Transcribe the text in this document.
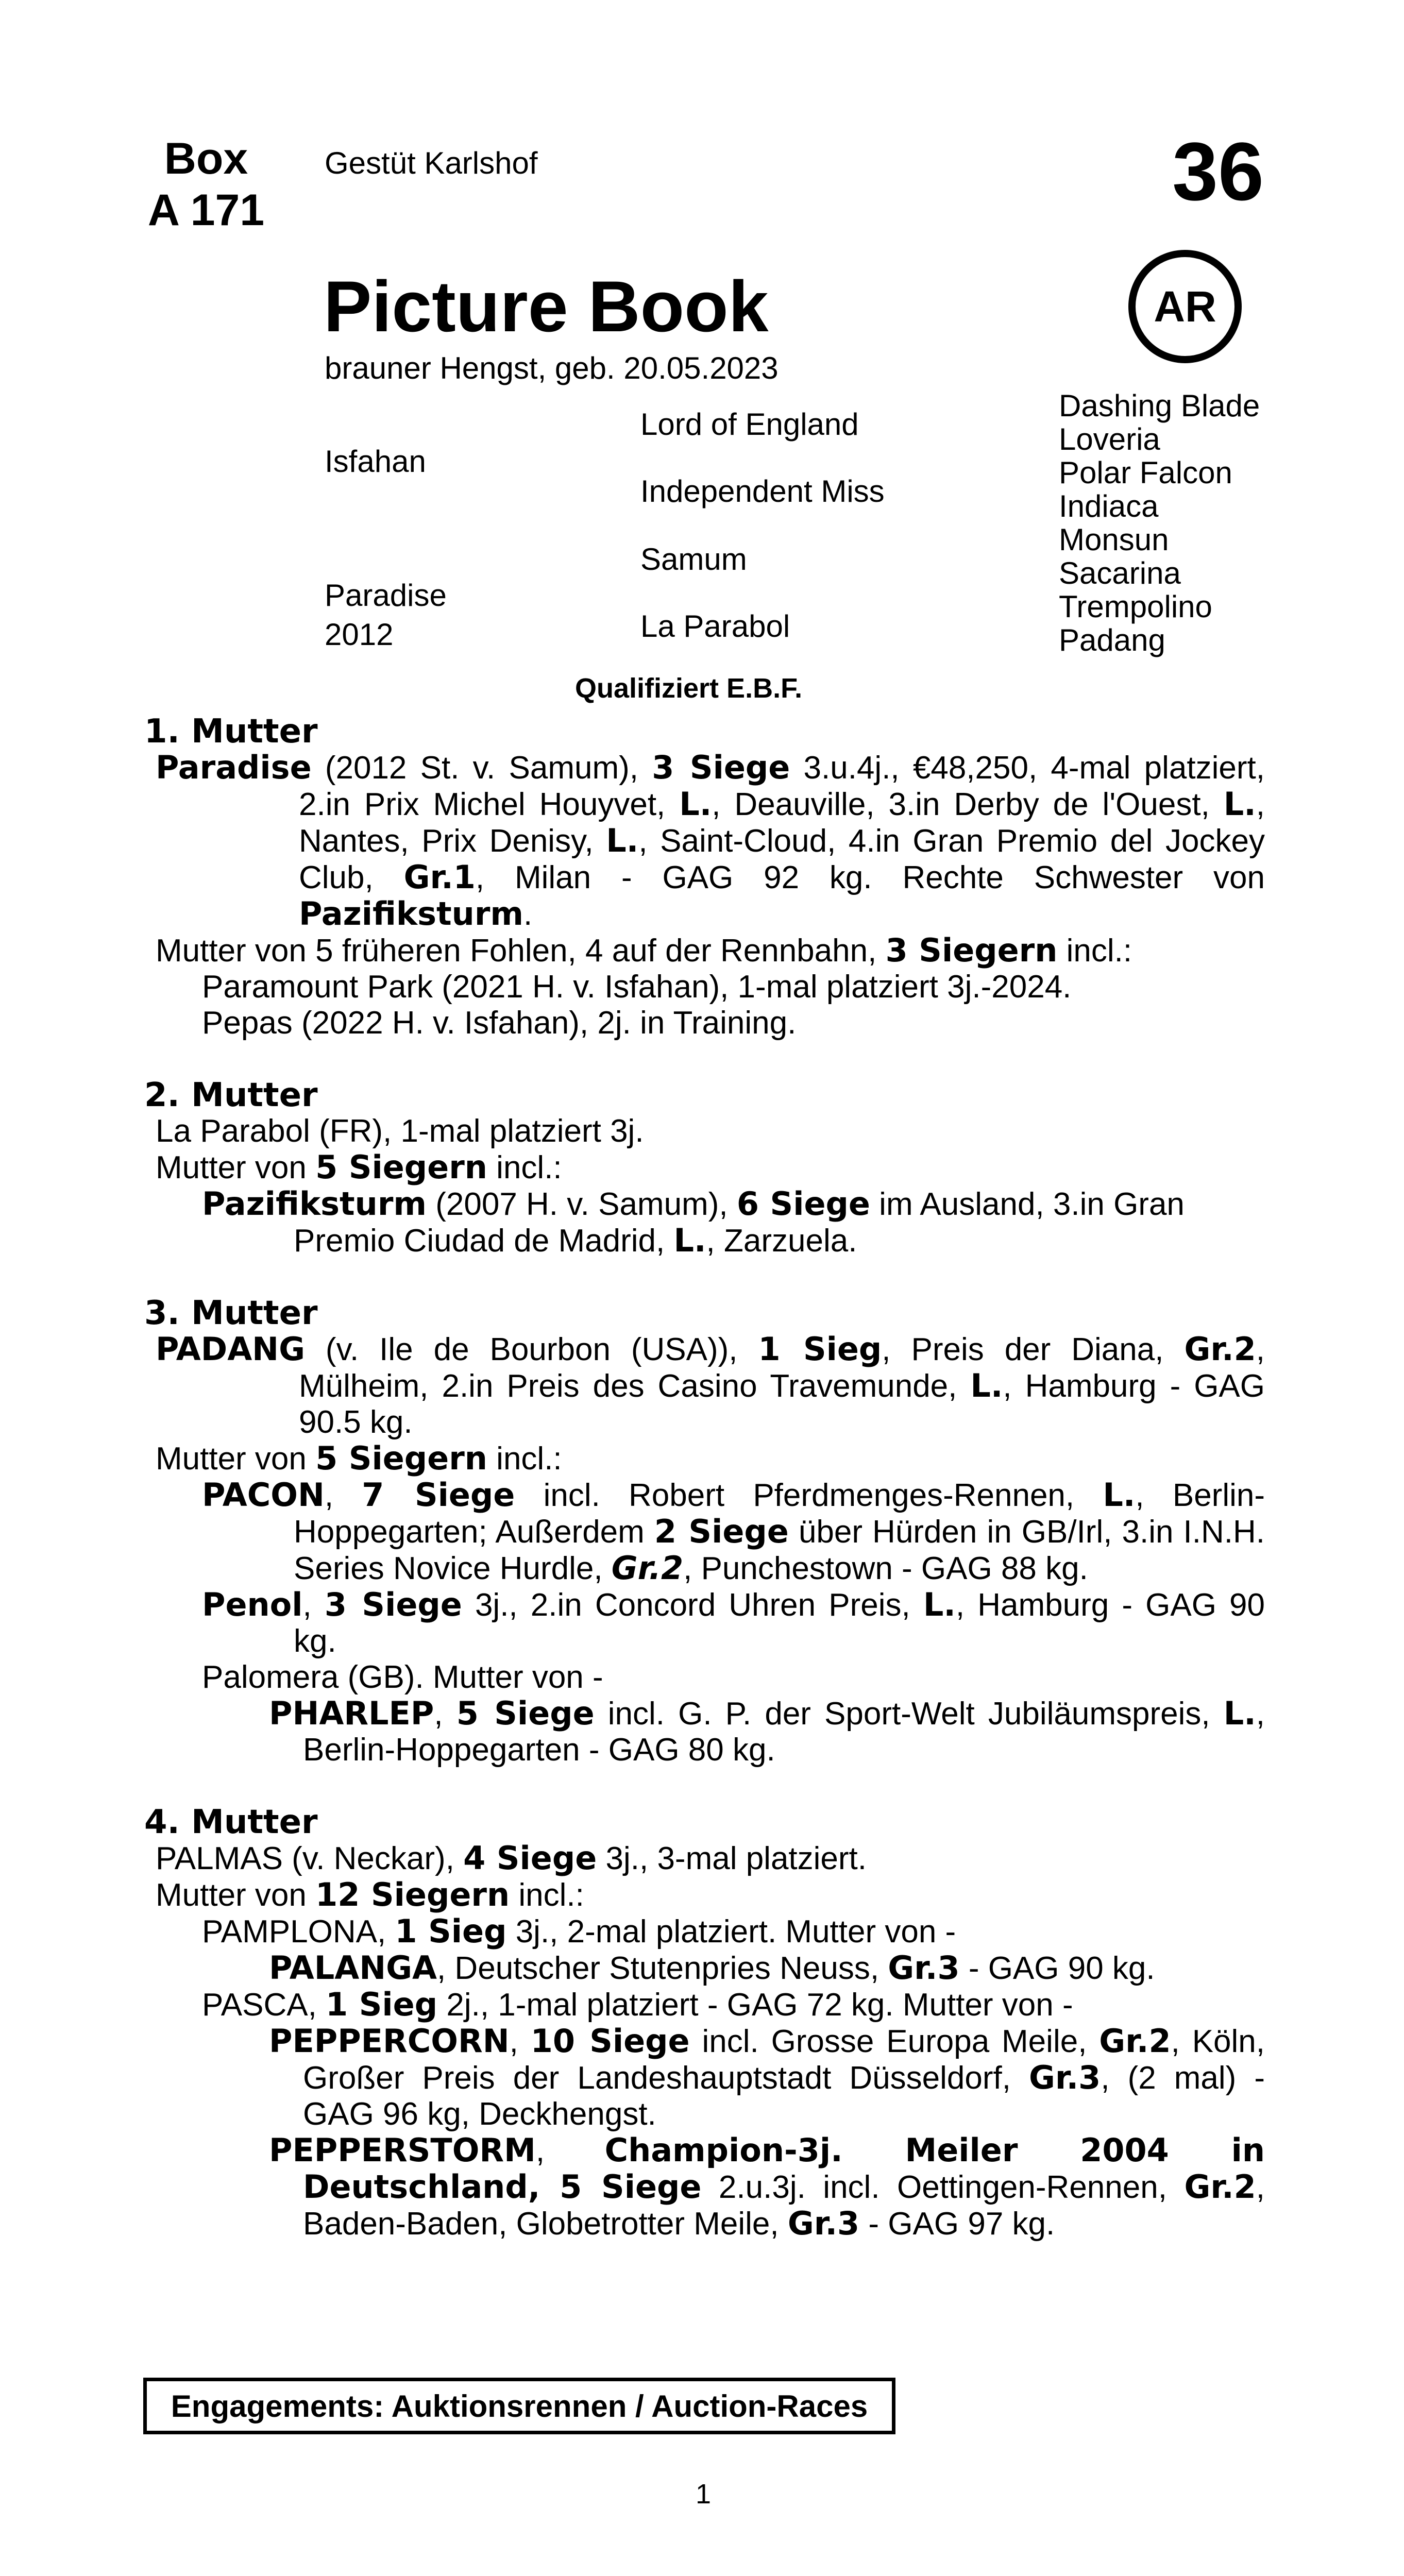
Box
A 171
Gestüt Karlshof	36
AR
Picture Book
brauner Hengst, geb. 20.05.2023
Isfahan
Paradise
2012
Lord of England
Independent Miss
Samum
La Parabol
Dashing Blade
Loveria
Polar Falcon
Indiaca
Monsun
Sacarina
Trempolino
Padang
Qualifiziert E.B.F.

1. Mutter

Paradise (2012 St. v. Samum), 3 Siege 3.u.4j., €48,250, 4-mal platziert, 2.in Prix Michel Houyvet, L., Deauville, 3.in Derby de l'Ouest, L., Nantes, Prix Denisy, L., Saint-Cloud, 4.in Gran Premio del Jockey Club, Gr.1, Milan - GAG 92 kg. Rechte Schwester von Pazifiksturm.

Mutter von 5 früheren Fohlen, 4 auf der Rennbahn, 3 Siegern incl.:

Paramount Park (2021 H. v. Isfahan), 1-mal platziert 3j.-2024.

Pepas (2022 H. v. Isfahan), 2j. in Training.

2. Mutter

La Parabol (FR), 1-mal platziert 3j.

Mutter von 5 Siegern incl.:

Pazifiksturm (2007 H. v. Samum), 6 Siege im Ausland, 3.in Gran Premio Ciudad de Madrid, L., Zarzuela.

3. Mutter

PADANG (v. Ile de Bourbon (USA)), 1 Sieg, Preis der Diana, Gr.2, Mülheim, 2.in Preis des Casino Travemunde, L., Hamburg - GAG 90.5 kg.

Mutter von 5 Siegern incl.:

PACON, 7 Siege incl. Robert Pferdmenges-Rennen, L., Berlin-Hoppegarten; Außerdem 2 Siege über Hürden in GB/Irl, 3.in I.N.H. Series Novice Hurdle, Gr.2, Punchestown - GAG 88 kg.

Penol, 3 Siege 3j., 2.in Concord Uhren Preis, L., Hamburg - GAG 90 kg.

Palomera (GB). Mutter von -

PHARLEP, 5 Siege incl. G. P. der Sport-Welt Jubiläumspreis, L., Berlin-Hoppegarten - GAG 80 kg.

4. Mutter

PALMAS (v. Neckar), 4 Siege 3j., 3-mal platziert.

Mutter von 12 Siegern incl.:

PAMPLONA, 1 Sieg 3j., 2-mal platziert. Mutter von -

PALANGA, Deutscher Stutenpries Neuss, Gr.3 - GAG 90 kg.

PASCA, 1 Sieg 2j., 1-mal platziert - GAG 72 kg. Mutter von -

PEPPERCORN, 10 Siege incl. Grosse Europa Meile, Gr.2, Köln, Großer Preis der Landeshauptstadt Düsseldorf, Gr.3, (2 mal) - GAG 96 kg, Deckhengst.

PEPPERSTORM, Champion-3j. Meiler 2004 in Deutschland, 5 Siege 2.u.3j. incl. Oettingen-Rennen, Gr.2, Baden-Baden, Globetrotter Meile, Gr.3 - GAG 97 kg.

Engagements: Auktionsrennen / Auction-Races
1
